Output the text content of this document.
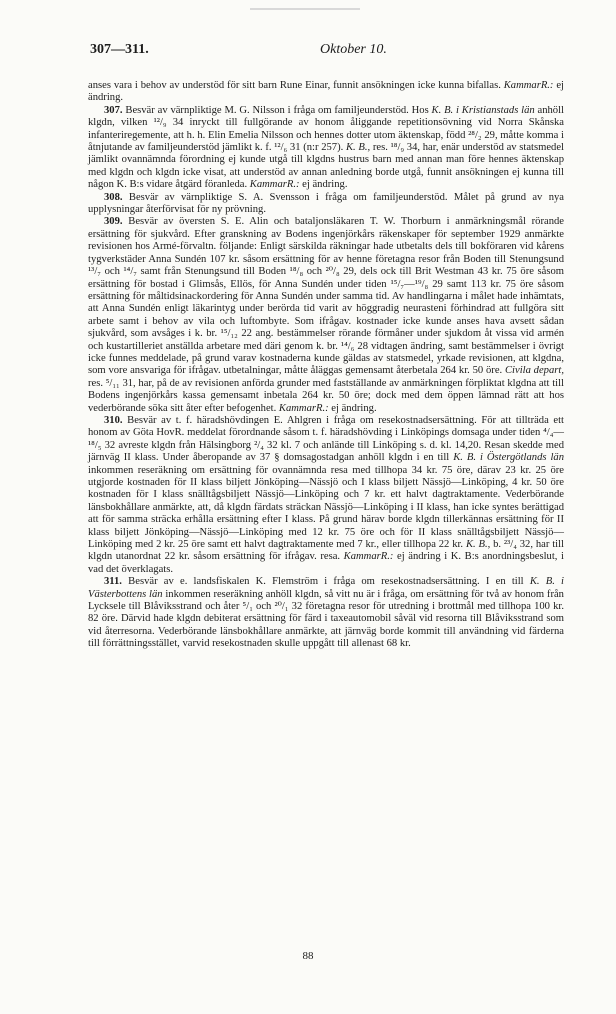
307—311.	Oktober 10.

anses vara i behov av understöd för sitt barn Rune Einar, funnit ansökningen icke kunna bifallas. KammarR.: ej ändring.

307. Besvär av värnpliktige M. G. Nilsson i fråga om familjeunderstöd. Hos K. B. i Kristianstads län anhöll klgdn, vilken ¹²/₉ 34 inryckt till fullgörande av honom åliggande repetitionsövning vid Norra Skånska infanteriregemente, att h. h. Elin Emelia Nilsson och hennes dotter utom äktenskap, född ²⁸/₂ 29, måtte komma i åtnjutande av familjeunderstöd jämlikt k. f. ¹²/₆ 31 (n:r 257). K. B., res. ¹⁸/₉ 34, har, enär understöd av statsmedel jämlikt ovannämnda förordning ej kunde utgå till klgdns hustrus barn med annan man före hennes äktenskap med klgdn och klgdn icke visat, att understöd av annan anledning borde utgå, funnit ansökningen ej kunna till någon K. B:s vidare åtgärd föranleda. KammarR.: ej ändring.

308. Besvär av värnpliktige S. A. Svensson i fråga om familjeunderstöd. Målet på grund av nya upplysningar återförvisat för ny prövning.

309. Besvär av översten S. E. Alin och bataljonsläkaren T. W. Thorburn i anmärkningsmål rörande ersättning för sjukvård. Efter granskning av Bodens ingenjörkårs räkenskaper för september 1929 anmärkte revisionen hos Armé-förvaltn. följande: Enligt särskilda räkningar hade utbetalts dels till bokföraren vid kårens tygverkstäder Anna Sundén 107 kr. såsom ersättning för av henne företagna resor från Boden till Stenungsund ¹³/₇ och ¹⁴/₇ samt från Stenungsund till Boden ¹⁸/₈ och ²⁰/₈ 29, dels ock till Brit Westman 43 kr. 75 öre såsom ersättning för bostad i Glimsås, Ellös, för Anna Sundén under tiden ¹⁵/₇—¹⁹/₈ 29 samt 113 kr. 75 öre såsom ersättning för måltidsinackordering för Anna Sundén under samma tid. Av handlingarna i målet hade inhämtats, att Anna Sundén enligt läkarintyg under berörda tid varit av höggradig neurasteni förhindrad att fullgöra sitt arbete samt i behov av vila och luftombyte. Som ifrågav. kostnader icke kunde anses hava avsett sådan sjukvård, som avsåges i k. br. ¹⁵/₁₂ 22 ang. bestämmelser rörande förmåner under sjukdom åt vissa vid armén och kustartilleriet anställda arbetare med däri genom k. br. ¹⁴/₆ 28 vidtagen ändring, samt bestämmelser i övrigt icke funnes meddelade, på grund varav kostnaderna kunde gäldas av statsmedel, yrkade revisionen, att klgdna, som vore ansvariga för ifrågav. utbetalningar, måtte åläggas gemensamt återbetala 264 kr. 50 öre. Civila depart, res. ⁵/₁₁ 31, har, på de av revisionen anförda grunder med fastställande av anmärkningen förpliktat klgdna att till Bodens ingenjörkårs kassa gemensamt inbetala 264 kr. 50 öre; dock med dem öppen lämnad rätt att hos vederbörande söka sitt åter efter befogenhet. KammarR.: ej ändring.

310. Besvär av t. f. häradshövdingen E. Ahlgren i fråga om resekostnadsersättning. För att tillträda ett honom av Göta HovR. meddelat förordnande såsom t. f. häradshövding i Linköpings domsaga under tiden ⁴/₄—¹⁸/₅ 32 avreste klgdn från Hälsingborg ²/₄ 32 kl. 7 och anlände till Linköping s. d. kl. 14,20. Resan skedde med järnväg II klass. Under åberopande av 37 § domsagostadgan anhöll klgdn i en till K. B. i Östergötlands län inkommen reseräkning om ersättning för ovannämnda resa med tillhopa 34 kr. 75 öre, därav 23 kr. 25 öre utgjorde kostnaden för II klass biljett Jönköping—Nässjö och I klass biljett Nässjö—Linköping, 4 kr. 50 öre kostnaden för I klass snälltågsbiljett Nässjö—Linköping och 7 kr. ett halvt dagtraktamente. Vederbörande länsbokhållare anmärkte, att, då klgdn färdats sträckan Nässjö—Linköping i II klass, han icke syntes berättigad att för samma sträcka erhålla ersättning efter I klass. På grund härav borde klgdn tillerkännas ersättning för II klass biljett Jönköping—Nässjö—Linköping med 12 kr. 75 öre och för II klass snälltågsbiljett Nässjö—Linköping med 2 kr. 25 öre samt ett halvt dagtraktamente med 7 kr., eller tillhopa 22 kr. K. B., b. ²³/₄ 32, har till klgdn utanordnat 22 kr. såsom ersättning för ifrågav. resa. KammarR.: ej ändring i K. B:s anordningsbeslut, i vad det överklagats.

311. Besvär av e. landsfiskalen K. Flemström i fråga om resekostnadsersättning. I en till K. B. i Västerbottens län inkommen reseräkning anhöll klgdn, så vitt nu är i fråga, om ersättning för två av honom från Lycksele till Blåviksstrand och åter ⁵/₁ och ²⁰/₁ 32 företagna resor för utredning i brottmål med tillhopa 100 kr. 82 öre. Därvid hade klgdn debiterat ersättning för färd i taxeautomobil såväl vid resorna till Blåviksstrand som vid återresorna. Vederbörande länsbokhållare anmärkte, att järnväg borde kommit till användning vid färderna till förrättningsstället, varvid resekostnaden skulle uppgått till allenast 68 kr.

88
